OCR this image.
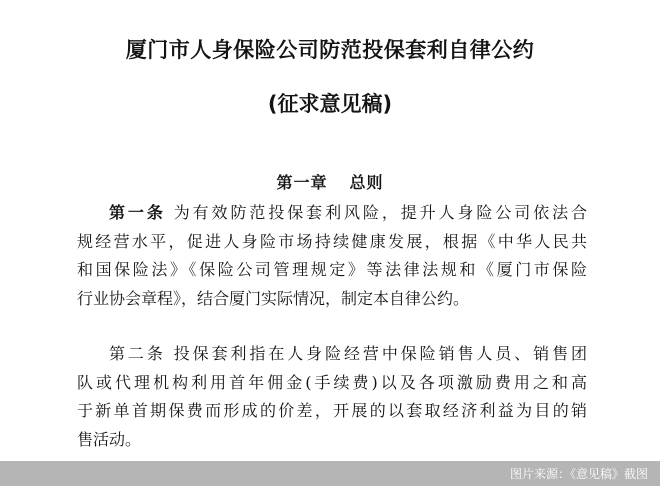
厦门市人身保险公司防范投保套利自律公约
(征求意见稿)
第一章 总则
第一条 为有效防范投保套利风险，提升人身险公司依法合
规经营水平，促进人身险市场持续健康发展，根据《中华人民共
和国保险法》《保险公司管理规定》等法律法规和《厦门市保险
行业协会章程》，结合厦门实际情况，制定本自律公约。
第二条 投保套利指在人身险经营中保险销售人员、销售团
队或代理机构利用首年佣金(手续费)以及各项激励费用之和高
于新单首期保费而形成的价差，开展的以套取经济利益为目的销
售活动。
图片来源：《意见稿》截图
